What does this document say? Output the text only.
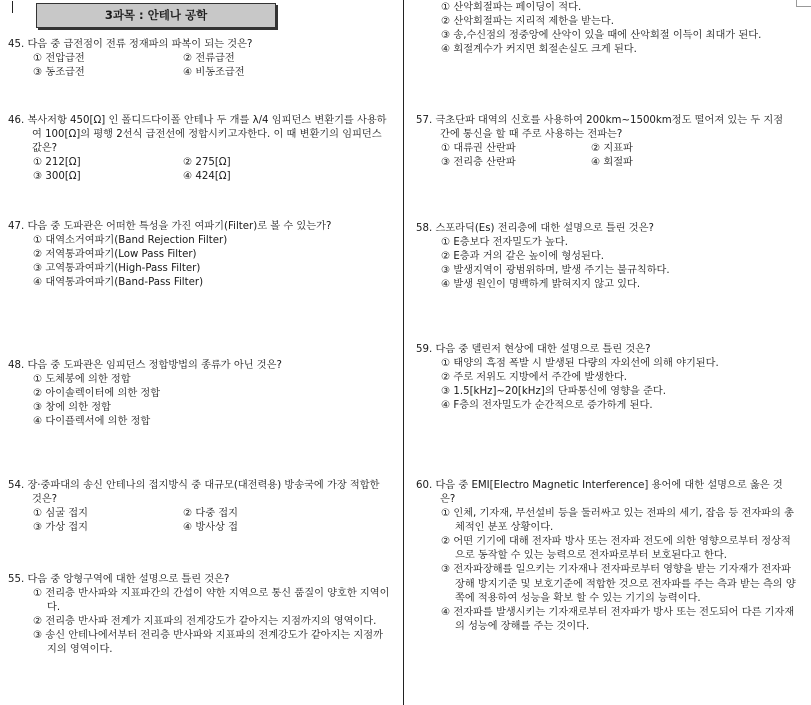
3과목 : 안테나 공학
45. 다음 중 급전점이 전류 정재파의 파복이 되는 것은?
① 전압급전	② 전류급전
③ 동조급전	④ 비동조급전
46. 복사저항 450[Ω] 인 폴디드다이폴 안테나 두 개를 λ/4 임피던스 변환기를 사용하여 100[Ω]의 평행 2선식 급전선에 정합시키고자한다. 이 때 변환기의 임피던스 값은?
① 212[Ω]	② 275[Ω]
③ 300[Ω]	④ 424[Ω]
47. 다음 중 도파관은 어떠한 특성을 가진 여파기(Filter)로 볼 수 있는가?
① 대역소거여파기(Band Rejection Filter)
② 저역통과여파기(Low Pass Filter)
③ 고역통과여파기(High-Pass Filter)
④ 대역통과여파기(Band-Pass Filter)
48. 다음 중 도파관은 임피던스 정합방법의 종류가 아닌 것은?
① 도체봉에 의한 정합
② 아이솔렉이터에 의한 정합
③ 창에 의한 정합
④ 다이플렉서에 의한 정합
54. 장·중파대의 송신 안테나의 접지방식 중 대규모(대전력용) 방송국에 가장 적합한 것은?
① 심굴 접지	② 다중 접지
③ 가상 접지	④ 방사상 접
55. 다음 중 앙형구역에 대한 설명으로 틀린 것은?
① 전리층 반사파와 지표파간의 간섭이 약한 지역으로 통신 품질이 양호한 지역이다.
② 전리층 반사파 전계가 지표파의 전계강도가 같아지는 지점까지의 영역이다.
③ 송신 안테나에서부터 전리층 반사파와 지표파의 전계강도가 같아지는 지점까지의 영역이다.
① 산악회절파는 페이딩이 적다.
② 산악회절파는 지리적 제한을 받는다.
③ 송,수신점의 정중앙에 산악이 있을 때에 산악회절 이득이 최대가 된다.
④ 회절계수가 커지면 회절손실도 크게 된다.
57. 극초단파 대역의 신호를 사용하여 200km~1500km정도 떨어져 있는 두 지점 간에 통신을 할 때 주로 사용하는 전파는?
① 대류권 산란파	② 지표파
③ 전리층 산란파	④ 회절파
58. 스포라딕(Es) 전리층에 대한 설명으로 틀린 것은?
① E층보다 전자밀도가 높다.
② E층과 거의 같은 높이에 형성된다.
③ 발생지역이 광범위하며, 발생 주기는 불규칙하다.
④ 발생 원인이 명백하게 밝혀지지 않고 있다.
59. 다음 중 델린저 현상에 대한 설명으로 틀린 것은?
① 태양의 흑점 폭발 시 발생된 다량의 자외선에 의해 야기된다.
② 주로 저위도 지방에서 주간에 발생한다.
③ 1.5[kHz]~20[kHz]의 단파통신에 영향을 준다.
④ F층의 전자밀도가 순간적으로 증가하게 된다.
60. 다음 중 EMI[Electro Magnetic Interference] 용어에 대한 설명으로 옳은 것은?
① 인체, 기자재, 무선설비 등을 둘러싸고 있는 전파의 세기, 잡음 등 전자파의 총체적인 분포 상황이다.
② 어떤 기기에 대해 전자파 방사 또는 전자파 전도에 의한 영향으로부터 정상적으로 동작할 수 있는 능력으로 전자파로부터 보호된다고 한다.
③ 전자파장해를 일으키는 기자재나 전자파로부터 영향을 받는 기자재가 전자파장해 방지기준 및 보호기준에 적합한 것으로 전자파를 주는 측과 받는 측의 양쪽에 적용하여 성능을 확보 할 수 있는 기기의 능력이다.
④ 전자파를 발생시키는 기자재로부터 전자파가 방사 또는 전도되어 다른 기자재의 성능에 장해를 주는 것이다.
